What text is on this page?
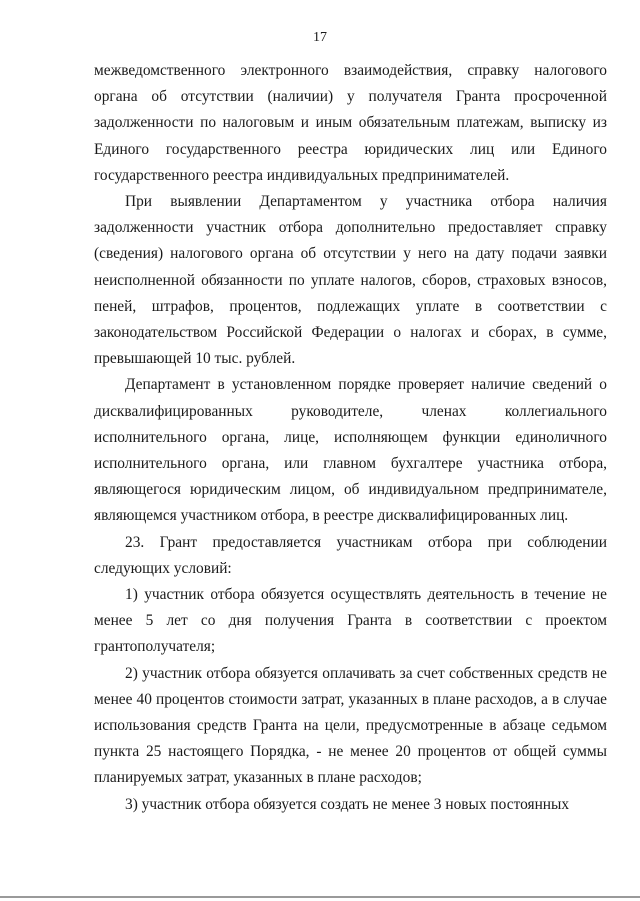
17

межведомственного электронного взаимодействия, справку налогового органа об отсутствии (наличии) у получателя Гранта просроченной задолженности по налоговым и иным обязательным платежам, выписку из Единого государственного реестра юридических лиц или Единого государственного реестра индивидуальных предпринимателей.

При выявлении Департаментом у участника отбора наличия задолженности участник отбора дополнительно предоставляет справку (сведения) налогового органа об отсутствии у него на дату подачи заявки неисполненной обязанности по уплате налогов, сборов, страховых взносов, пеней, штрафов, процентов, подлежащих уплате в соответствии с законодательством Российской Федерации о налогах и сборах, в сумме, превышающей 10 тыс. рублей.

Департамент в установленном порядке проверяет наличие сведений о дисквалифицированных руководителе, членах коллегиального исполнительного органа, лице, исполняющем функции единоличного исполнительного органа, или главном бухгалтере участника отбора, являющегося юридическим лицом, об индивидуальном предпринимателе, являющемся участником отбора, в реестре дисквалифицированных лиц.

23. Грант предоставляется участникам отбора при соблюдении следующих условий:

1) участник отбора обязуется осуществлять деятельность в течение не менее 5 лет со дня получения Гранта в соответствии с проектом грантополучателя;

2) участник отбора обязуется оплачивать за счет собственных средств не менее 40 процентов стоимости затрат, указанных в плане расходов, а в случае использования средств Гранта на цели, предусмотренные в абзаце седьмом пункта 25 настоящего Порядка, - не менее 20 процентов от общей суммы планируемых затрат, указанных в плане расходов;

3) участник отбора обязуется создать не менее 3 новых постоянных
